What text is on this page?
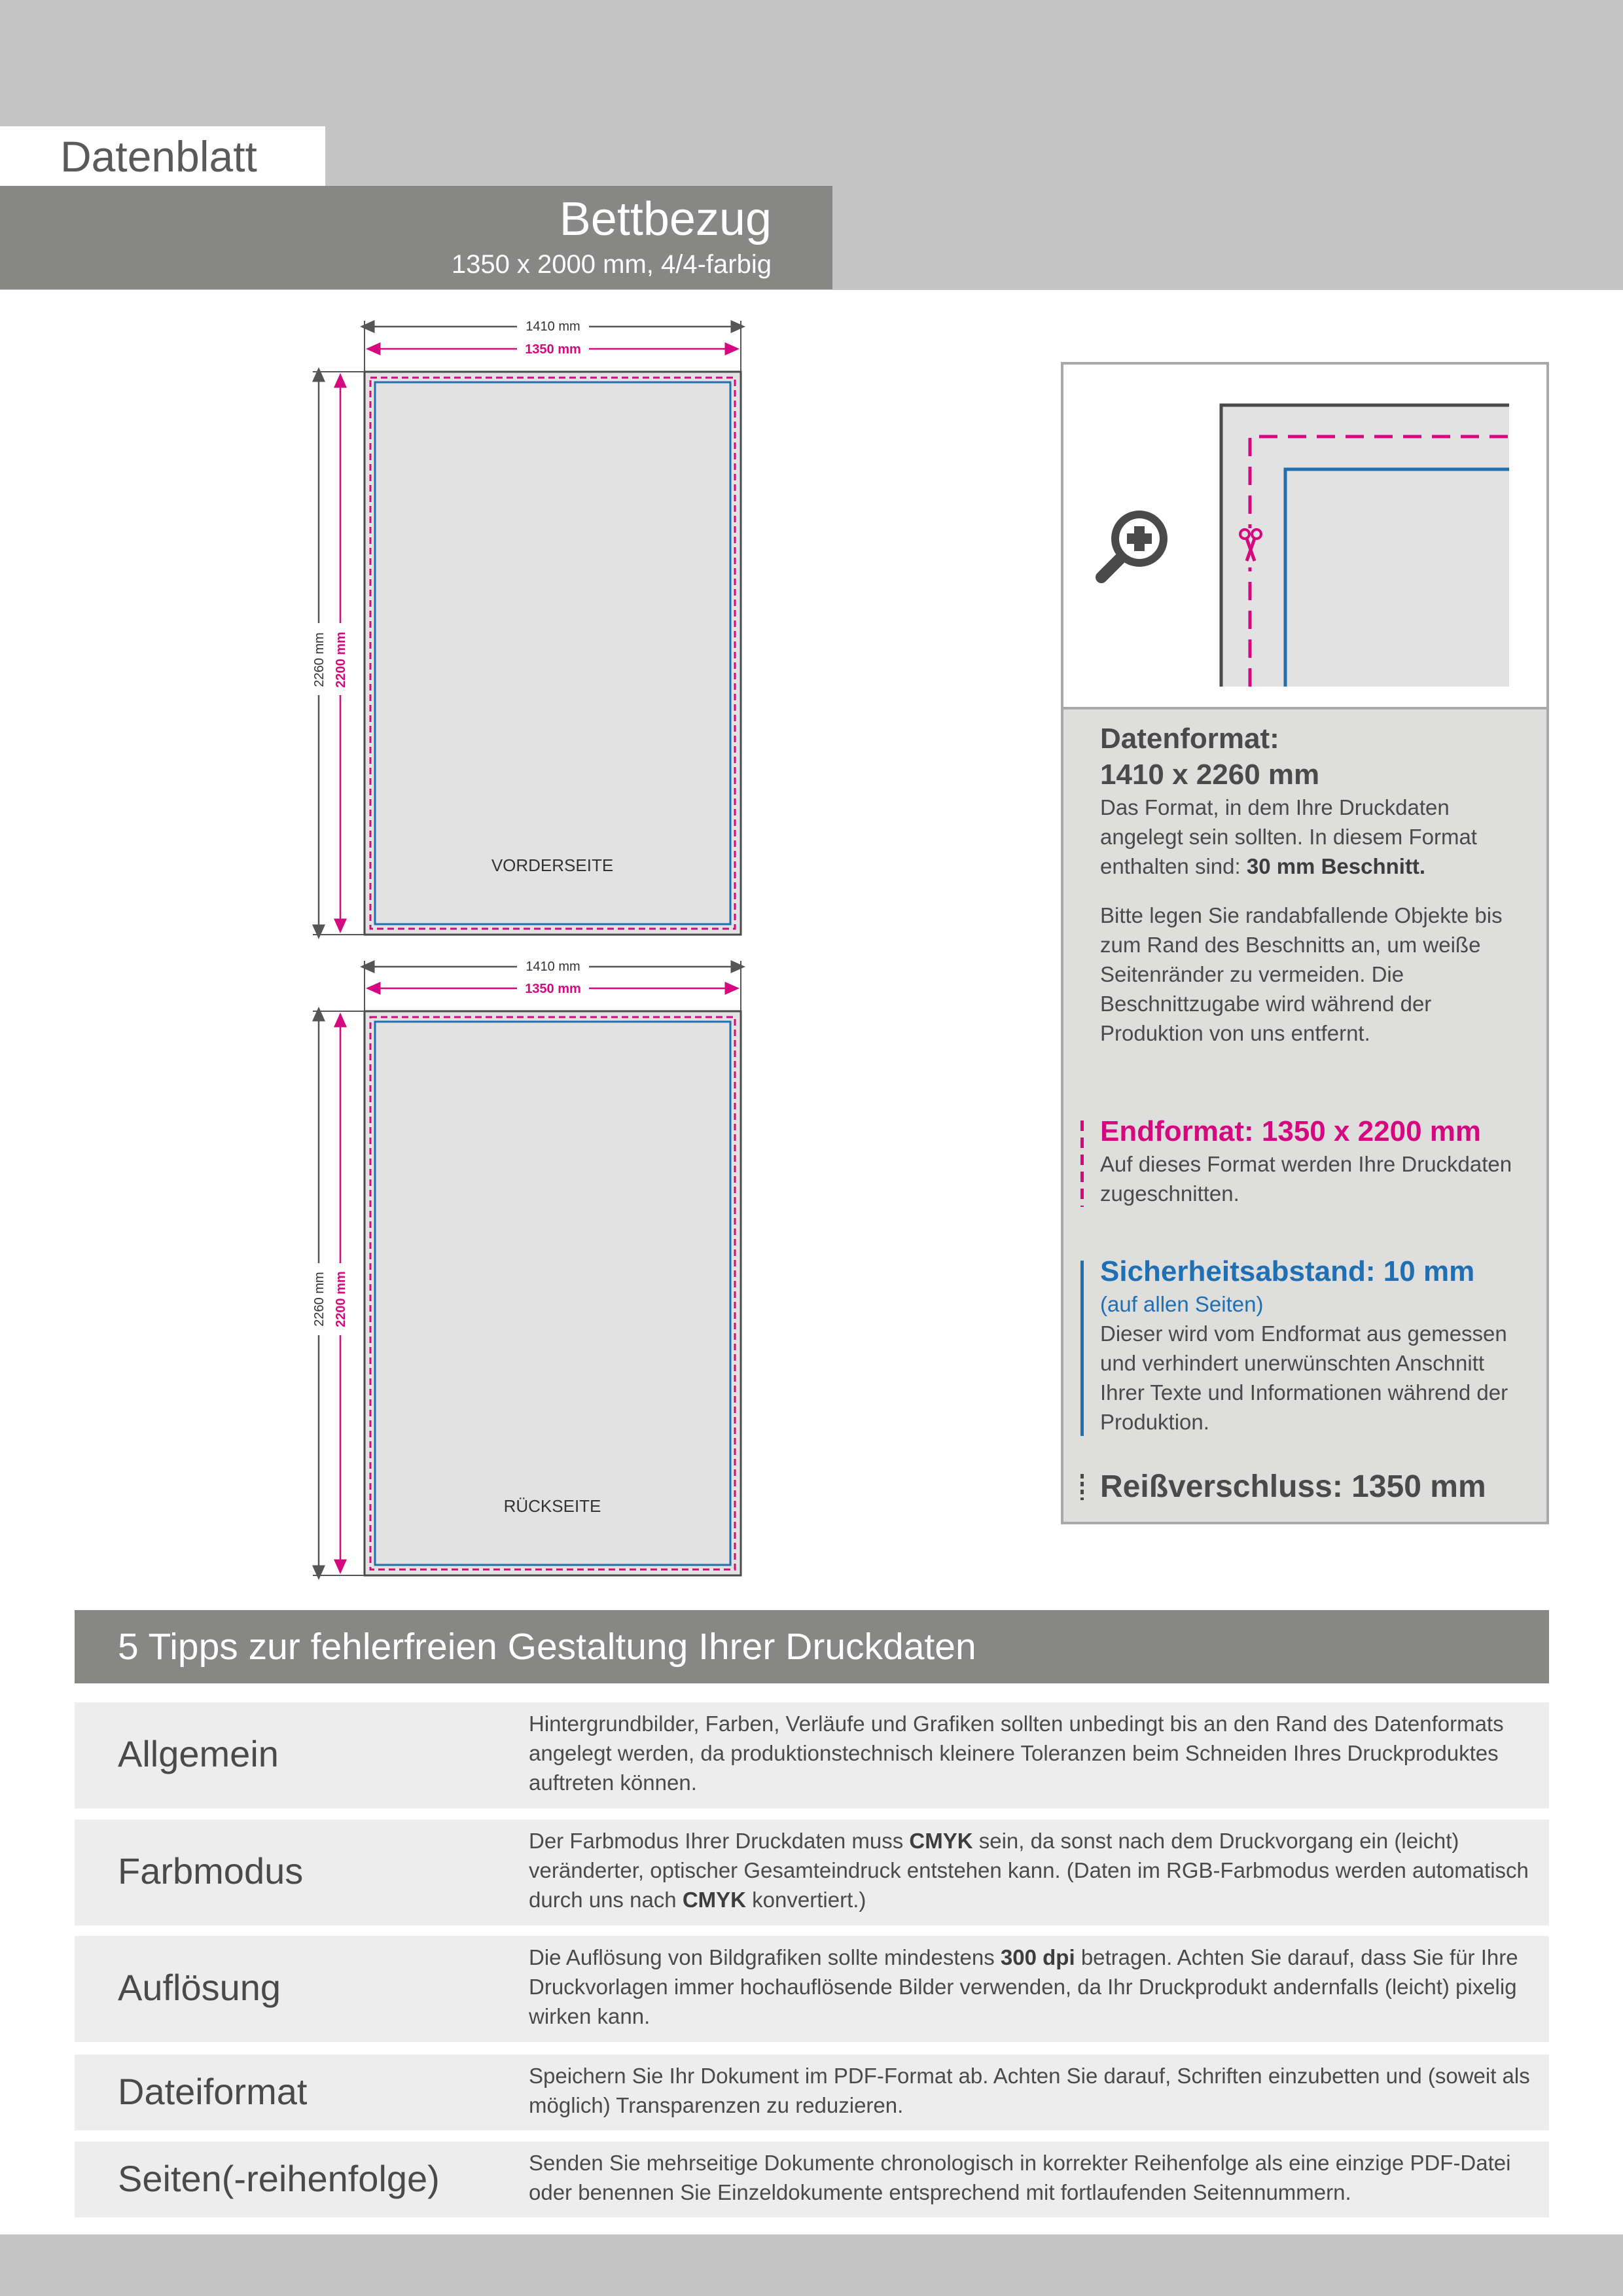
Datenblatt
Bettbezug
1350 x 2000 mm, 4/4-farbig
VORDERSEITE
1410 mm
1350 mm
2260 mm 2200 mm
RÜCKSEITE
1410 mm
1350 mm
2260 mm 2200 mm
Datenformat:
1410 x 2260 mm
Das Format, in dem Ihre Druckdaten angelegt sein sollten. In diesem Format enthalten sind: 30 mm Beschnitt.
Bitte legen Sie randabfallende Objekte bis zum Rand des Beschnitts an, um weiße Seitenränder zu vermeiden. Die Beschnittzugabe wird während der Produktion von uns entfernt.
Endformat: 1350 x 2200 mm
Auf dieses Format werden Ihre Druckdaten zugeschnitten.
Sicherheitsabstand: 10 mm
(auf allen Seiten)
Dieser wird vom Endformat aus gemessen und verhindert unerwünschten Anschnitt Ihrer Texte und Informationen während der Produktion.
Reißverschluss: 1350 mm
5 Tipps zur fehlerfreien Gestaltung Ihrer Druckdaten
Allgemein
Hintergrundbilder, Farben, Verläufe und Grafiken sollten unbedingt bis an den Rand des Datenformats angelegt werden, da produktionstechnisch kleinere Toleranzen beim Schneiden Ihres Druckproduktes auftreten können.
Farbmodus
Der Farbmodus Ihrer Druckdaten muss CMYK sein, da sonst nach dem Druckvorgang ein (leicht) veränderter, optischer Gesamteindruck entstehen kann. (Daten im RGB-Farbmodus werden automatisch durch uns nach CMYK konvertiert.)
Auflösung
Die Auflösung von Bildgrafiken sollte mindestens 300 dpi betragen. Achten Sie darauf, dass Sie für Ihre Druckvorlagen immer hochauflösende Bilder verwenden, da Ihr Druckprodukt andernfalls (leicht) pixelig wirken kann.
Dateiformat	Speichern Sie Ihr Dokument im PDF-Format ab. Achten Sie darauf, Schriften einzubetten und (soweit als möglich) Transparenzen zu reduzieren.
Seiten(-reihenfolge)	Senden Sie mehrseitige Dokumente chronologisch in korrekter Reihenfolge als eine einzige PDF-Datei oder benennen Sie Einzeldokumente entsprechend mit fortlaufenden Seitennummern.
